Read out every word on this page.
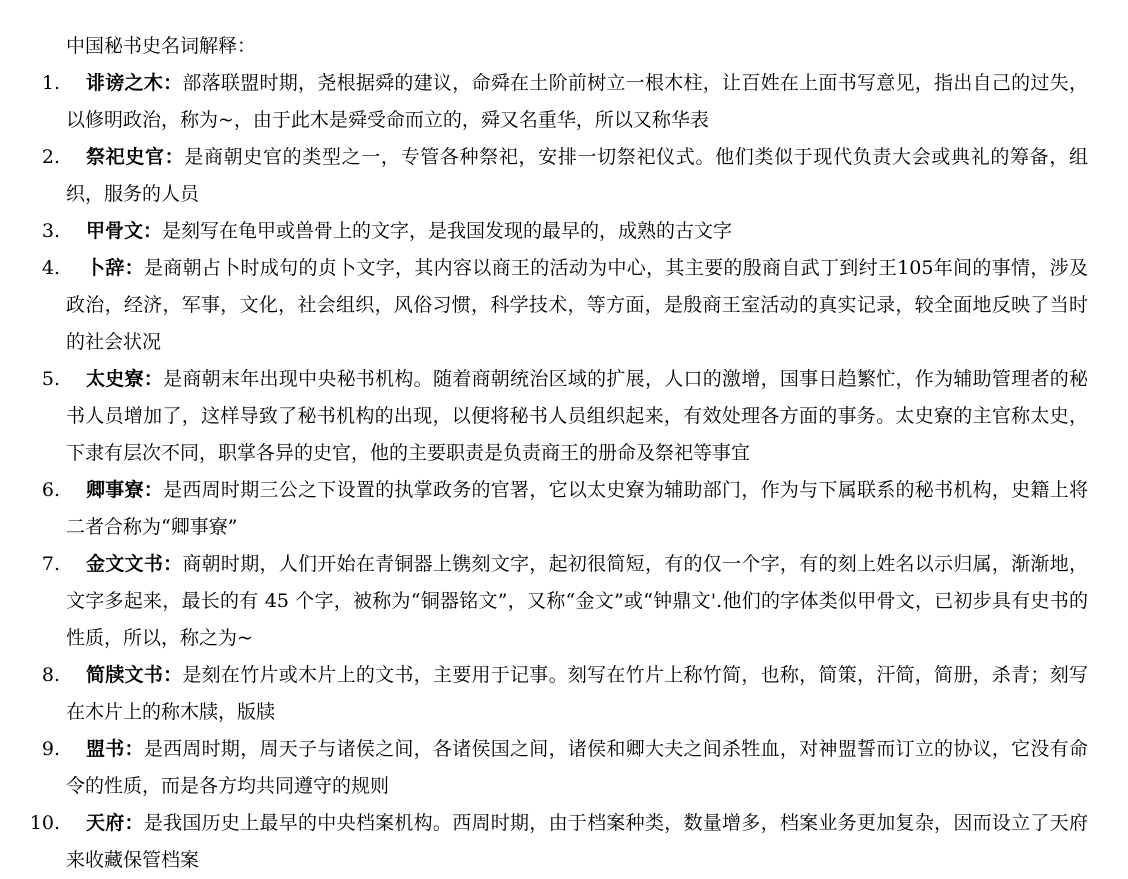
中国秘书史名词解释：
1. 诽谤之木：部落联盟时期，尧根据舜的建议，命舜在土阶前树立一根木柱，让百姓在上面书写意见，指出自己的过失，以修明政治，称为~，由于此木是舜受命而立的，舜又名重华，所以又称华表
2. 祭祀史官：是商朝史官的类型之一，专管各种祭祀，安排一切祭祀仪式。他们类似于现代负责大会或典礼的筹备，组织，服务的人员
3. 甲骨文：是刻写在龟甲或兽骨上的文字，是我国发现的最早的，成熟的古文字
4. 卜辞：是商朝占卜时成句的贞卜文字，其内容以商王的活动为中心，其主要的殷商自武丁到纣王105年间的事情，涉及政治，经济，军事，文化，社会组织，风俗习惯，科学技术，等方面，是殷商王室活动的真实记录，较全面地反映了当时的社会状况
5. 太史寮：是商朝末年出现中央秘书机构。随着商朝统治区域的扩展，人口的激增，国事日趋繁忙，作为辅助管理者的秘书人员增加了，这样导致了秘书机构的出现，以便将秘书人员组织起来，有效处理各方面的事务。太史寮的主官称太史，下隶有层次不同，职掌各异的史官，他的主要职责是负责商王的册命及祭祀等事宜
6. 卿事寮：是西周时期三公之下设置的执掌政务的官署，它以太史寮为辅助部门，作为与下属联系的秘书机构，史籍上将二者合称为“卿事寮”
7. 金文文书：商朝时期，人们开始在青铜器上镌刻文字，起初很简短，有的仅一个字，有的刻上姓名以示归属，渐渐地，文字多起来，最长的有 45 个字，被称为“铜器铭文”，又称“金文”或“钟鼎文'.他们的字体类似甲骨文，已初步具有史书的性质，所以，称之为~
8. 简牍文书：是刻在竹片或木片上的文书，主要用于记事。刻写在竹片上称竹简，也称，简策，汗简，简册，杀青；刻写在木片上的称木牍，版牍
9. 盟书：是西周时期，周天子与诸侯之间，各诸侯国之间，诸侯和卿大夫之间杀牲血，对神盟誓而订立的协议，它没有命令的性质，而是各方均共同遵守的规则
10. 天府：是我国历史上最早的中央档案机构。西周时期，由于档案种类，数量增多，档案业务更加复杂，因而设立了天府来收藏保管档案
